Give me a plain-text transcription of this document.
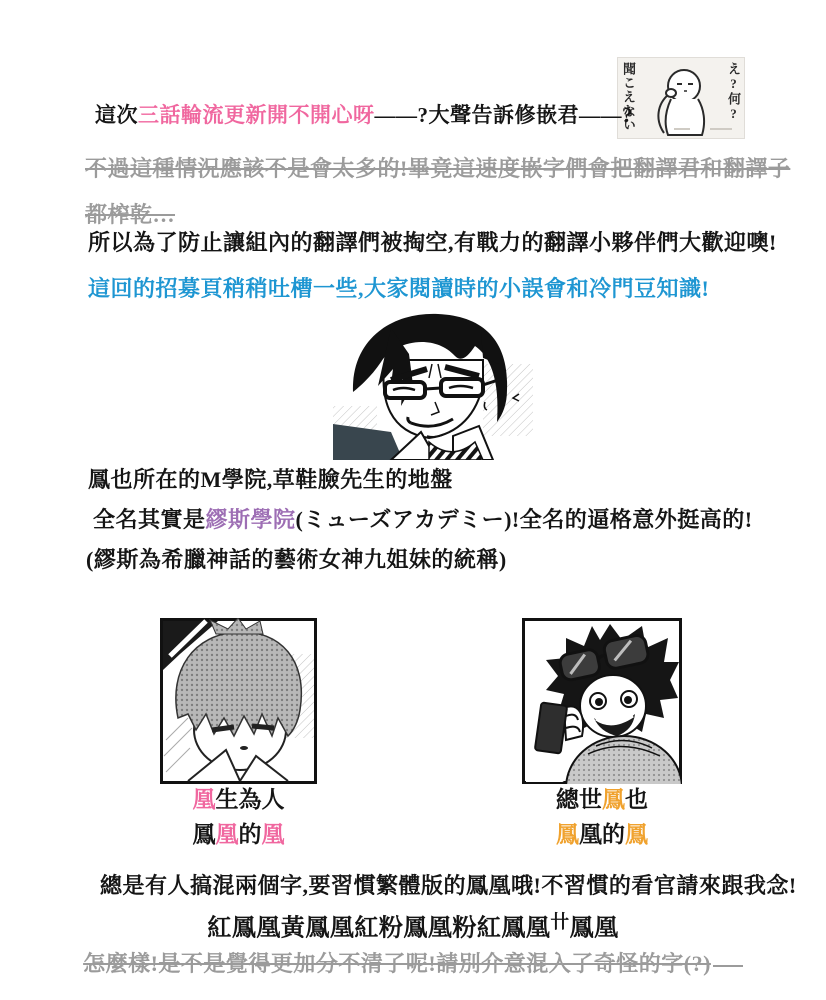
聞こえない	え?何?
這次三話輪流更新開不開心呀——?大聲告訴修嵌君——?
不過這種情況應該不是會太多的!畢竟這速度嵌字們會把翻譯君和翻譯子
都榨乾…
所以為了防止讓組內的翻譯們被掏空,有戰力的翻譯小夥伴們大歡迎噢!
這回的招募頁稍稍吐槽一些,大家閱讀時的小誤會和冷門豆知識!
鳳也所在的M學院,草鞋臉先生的地盤
全名其實是繆斯學院(ミューズアカデミー)!全名的逼格意外挺高的!
(繆斯為希臘神話的藝術女神九姐妹的統稱)
凰生為人
鳳凰的凰
總世鳳也
鳳凰的鳳
總是有人搞混兩個字,要習慣繁體版的鳳凰哦!不習慣的看官請來跟我念!
紅鳳凰黃鳳凰紅粉鳳凰粉紅鳳凰$^卄$鳳凰
怎麼樣!是不是覺得更加分不清了呢!請別介意混入了奇怪的字(?)
